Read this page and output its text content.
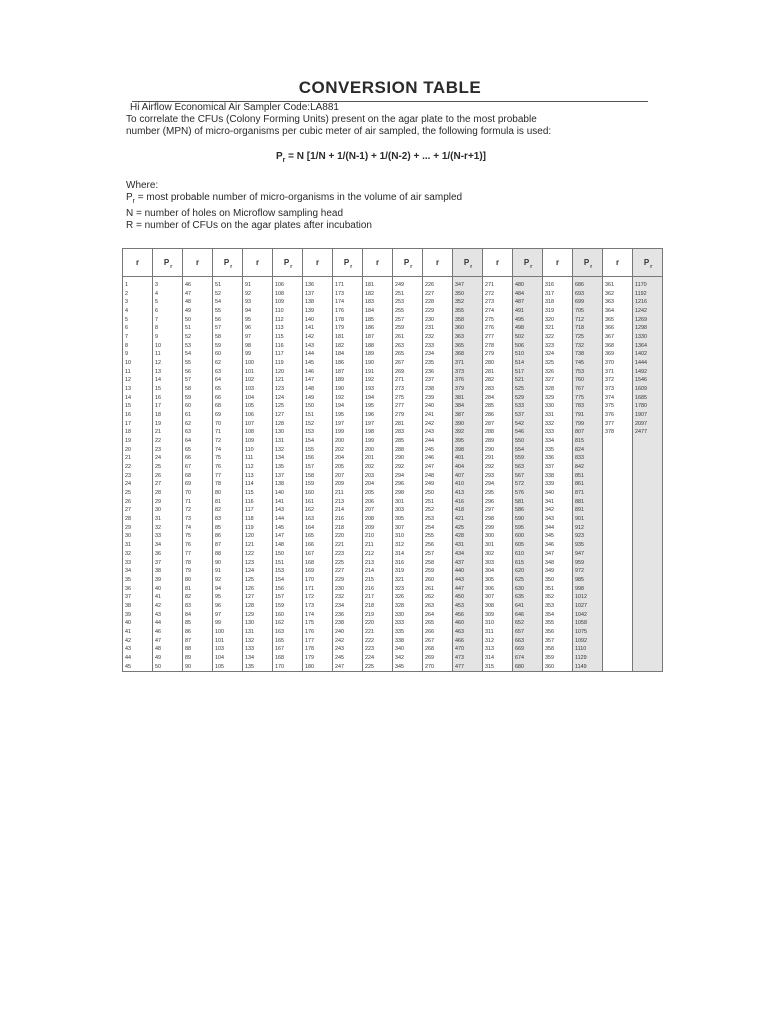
CONVERSION TABLE
Hi Airflow Economical Air Sampler Code:LA881
To correlate the CFUs (Colony Forming Units) present on the agar plate to the most probable
number (MPN) of micro-organisms per cubic meter of air sampled, the following formula is used:
$P_r = N$ [1/N + 1/(N-1) + 1/(N-2) + ... + 1/(N-r+1)]
Where:
$P_r$ = most probable number of micro-organisms in the volume of air sampled
N = number of holes on Microflow sampling head
R = number of CFUs on the agar plates after incubation
r	$P_r$	r	$P_r$	r	$P_r$	r	$P_r$	r	$P_r$	r	$P_r$	r	$P_r$	r	$P_r$	r	$P_r$
1	3	46	51	91	106	136	171	181	249	226	347	271	480	316	686	361	1170
2	4	47	52	92	108	137	173	182	251	227	350	272	484	317	693	362	1192
3	5	48	54	93	109	138	174	183	253	228	352	273	487	318	699	363	1216
4	6	49	55	94	110	139	176	184	255	229	355	274	491	319	705	364	1242
5	7	50	56	95	112	140	178	185	257	230	358	275	495	320	712	365	1269
6	8	51	57	96	113	141	179	186	259	231	360	276	498	321	718	366	1298
7	9	52	58	97	115	142	181	187	261	232	363	277	502	322	725	367	1330
8	10	53	59	98	116	143	182	188	263	233	365	278	506	323	732	368	1364
9	11	54	60	99	117	144	184	189	265	234	368	279	510	324	738	369	1402
10	12	55	62	100	119	145	186	190	267	235	371	280	514	325	745	370	1444
11	13	56	63	101	120	146	187	191	269	236	373	281	517	326	753	371	1492
12	14	57	64	102	121	147	189	192	271	237	376	282	521	327	760	372	1546
13	15	58	65	103	123	148	190	193	273	238	379	283	525	328	767	373	1609
14	16	59	66	104	124	149	192	194	275	239	381	284	529	329	775	374	1685
15	17	60	68	105	125	150	194	195	277	240	384	285	533	330	783	375	1780
16	18	61	69	106	127	151	195	196	279	241	387	286	537	331	791	376	1907
17	19	62	70	107	128	152	197	197	281	242	390	287	542	332	799	377	2097
18	21	63	71	108	130	153	199	198	283	243	392	288	546	333	807	378	2477
19	22	64	72	109	131	154	200	199	285	244	395	289	550	334	815		
20	23	65	74	110	132	155	202	200	288	245	398	290	554	335	824		
21	24	66	75	111	134	156	204	201	290	246	401	291	559	336	833		
22	25	67	76	112	135	157	205	202	292	247	404	292	563	337	842		
23	26	68	77	113	137	158	207	203	294	248	407	293	567	338	851		
24	27	69	78	114	138	159	209	204	296	249	410	294	572	339	861		
25	28	70	80	115	140	160	211	205	298	250	413	295	576	340	871		
26	29	71	81	116	141	161	213	206	301	251	416	296	581	341	881		
27	30	72	82	117	143	162	214	207	303	252	418	297	586	342	891		
28	31	73	83	118	144	163	216	208	305	253	421	298	590	343	901		
29	32	74	85	119	145	164	218	209	307	254	425	299	595	344	912		
30	33	75	86	120	147	165	220	210	310	255	428	300	600	345	923		
31	34	76	87	121	148	166	221	211	312	256	431	301	605	346	935		
32	36	77	88	122	150	167	223	212	314	257	434	302	610	347	947		
33	37	78	90	123	151	168	225	213	316	258	437	303	615	348	959		
34	38	79	91	124	153	169	227	214	319	259	440	304	620	349	972		
35	39	80	92	125	154	170	229	215	321	260	443	305	625	350	985		
36	40	81	94	126	156	171	230	216	323	261	447	306	630	351	998		
37	41	82	95	127	157	172	232	217	326	262	450	307	635	352	1012		
38	42	83	96	128	159	173	234	218	328	263	453	308	641	353	1027		
39	43	84	97	129	160	174	236	219	330	264	456	309	646	354	1042		
40	44	85	99	130	162	175	238	220	333	265	460	310	652	355	1058		
41	46	86	100	131	163	176	240	221	335	266	463	311	657	356	1075		
42	47	87	101	132	165	177	242	222	338	267	466	312	663	357	1092		
43	48	88	103	133	167	178	243	223	340	268	470	313	669	358	1110		
44	49	89	104	134	168	179	245	224	342	269	473	314	674	359	1129		
45	50	90	105	135	170	180	247	225	345	270	477	315	680	360	1149		
